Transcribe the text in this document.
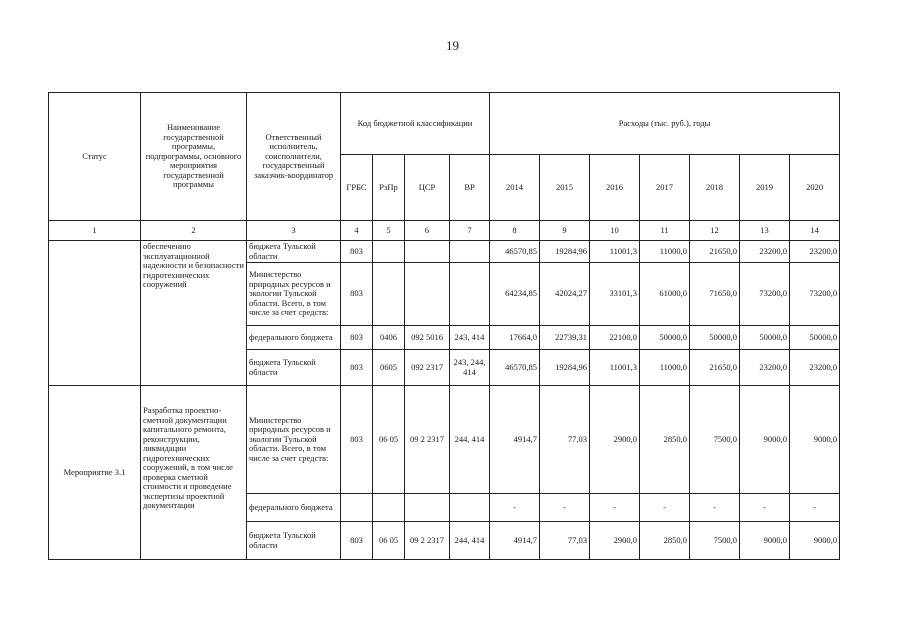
19
Статус	Наименование государственной программы, подпрограммы, основного мероприятия государственной программы	Ответственный исполнитель, соисполнители, государственный заказчик-координатор	Код бюджетной классификации				Расходы (тыс. руб.), годы						
			ГРБС	РзПр	ЦСР	ВР	2014	2015	2016	2017	2018	2019	2020
1	2	3	4	5	6	7	8	9	10	11	12	13	14
	обеспечению эксплуатационной надежности и безопасности гидротехнических сооружений	бюджета Тульской области	803				46570,85	19284,96	11001,3	11000,0	21650,0	23200,0	23200,0
		Министерство природных ресурсов и экологии Тульской области. Всего, в том числе за счет средств:	803				64234,85	42024,27	33101,3	61000,0	71650,0	73200,0	73200,0
		федерального бюджета	803	0406	092 5016	243, 414	17664,0	22739,31	22100,0	50000,0	50000,0	50000,0	50000,0
		бюджета Тульской области	803	0605	092 2317	243, 244, 414	46570,85	19284,96	11001,3	11000,0	21650,0	23200,0	23200,0
Мероприятие 3.1	Разработка проектно-сметной документации капитального ремонта, реконструкции, ликвидации гидротехнических сооружений, в том числе проверка сметной стоимости и проведение экспертизы проектной документации	Министерство природных ресурсов и экологии Тульской области. Всего, в том числе за счет средств:	803	06 05	09 2 2317	244, 414	4914,7	77,03	2900,0	2850,0	7500,0	9000,0	9000,0
		федерального бюджета					-	-	-	-	-	-	-
		бюджета Тульской области	803	06 05	09 2 2317	244, 414	4914,7	77,03	2900,0	2850,0	7500,0	9000,0	9000,0
